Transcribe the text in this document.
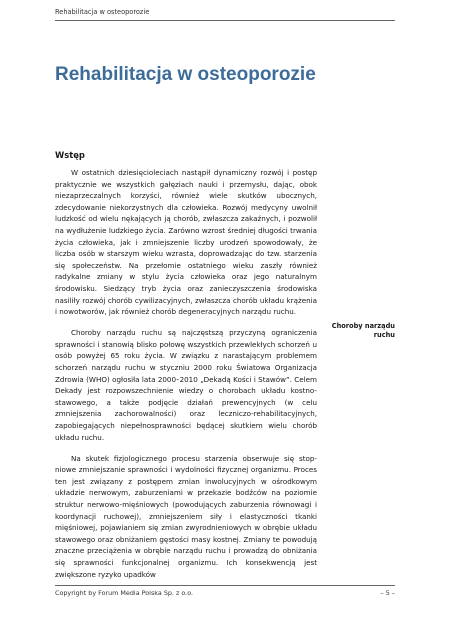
Rehabilitacja w osteoporozie
Rehabilitacja w osteoporozie
Wstęp

W ostatnich dziesięcioleciach nastąpił dynamiczny rozwój i postęp praktycznie we wszystkich gałęziach nauki i przemysłu, dając, obok niezaprzeczalnych korzyści, również wiele skutków ubocznych, zdecydowanie niekorzystnych dla człowieka. Rozwój medycyny uwolnił ludzkość od wielu nękających ją chorób, zwłaszcza zakaźnych, i pozwolił na wydłużenie ludzkiego życia. Zarówno wzrost średniej długości trwania życia człowieka, jak i zmniejszenie liczby urodzeń spowodowały, że liczba osób w starszym wieku wzrasta, doprowadzając do tzw. starzenia się społeczeństw. Na przełomie ostatniego wieku zaszły również radykalne zmiany w stylu życia człowieka oraz jego naturalnym środowisku. Siedzący tryb życia oraz zanieczyszczenia środowiska nasiliły rozwój chorób cywilizacyjnych, zwłaszcza chorób układu krążenia i nowotworów, jak również chorób degeneracyjnych narządu ruchu.

Choroby narządu ruchu są najczęstszą przyczyną ograniczenia sprawności i stanowią blisko połowę wszystkich przewlekłych schorzeń u osób powyżej 65 roku życia. W związku z narastającym problemem schorzeń narządu ruchu w styczniu 2000 roku Światowa Organizacja Zdrowia (WHO) ogłosiła lata 2000–2010 „Dekadą Kości i Stawów”. Celem Dekady jest rozpowszechnienie wiedzy o chorobach układu kostno-stawowego, a także podjęcie działań prewencyjnych (w celu zmniejszenia zachorowalności) oraz leczniczo-rehabilitacyjnych, zapobiegających niepełnosprawności będącej skutkiem wielu chorób układu ruchu.

Na skutek fizjologicznego procesu starzenia obserwuje się stopniowe zmniejszanie sprawności i wydolności fizycznej organizmu. Proces ten jest związany z postępem zmian inwolucyjnych w ośrodkowym układzie nerwowym, zaburzeniami w przekazie bodźców na poziomie struktur nerwowo-mięśniowych (powodujących zaburzenia równowagi i koordynacji ruchowej), zmniejszeniem siły i elastyczności tkanki mięśniowej, pojawianiem się zmian zwyrodnieniowych w obrębie układu stawowego oraz obniżaniem gęstości masy kostnej. Zmiany te powodują znaczne przeciążenia w obrębie narządu ruchu i prowadzą do obniżania się sprawności funkcjonalnej organizmu. Ich konsekwencją jest zwiększone ryzyko upadków

Choroby narządu ruchu
Copyright by Forum Media Polska Sp. z o.o.	– 5 –
